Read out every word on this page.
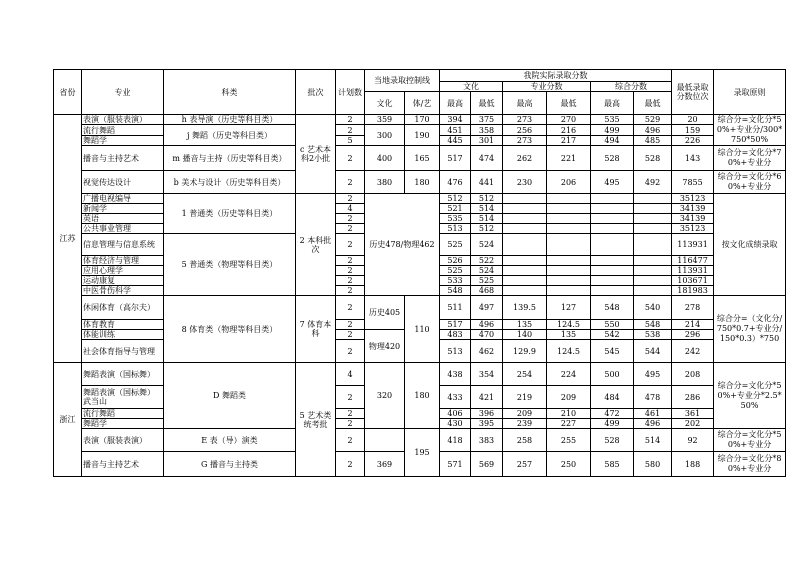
省份	专业	科类	批次	计划数	当地录取控制线		我院实际录取分数						最低录取分数位次	录取原则
							文化		专业分数		综合分数			
					文化	体/艺	最高	最低	最高	最低	最高	最低		
江苏	表演（服装表演）	h 表导演（历史等科目类）	c 艺术本科2小批	2	359	170	394	375	273	270	535	529	20	综合分=文化分*50%+专业分/300*750*50%
	流行舞蹈	j 舞蹈（历史等科目类）		2	300	190	451	358	256	216	499	496	159	
	舞蹈学			5			445	301	273	217	494	485	226	
	播音与主持艺术	m 播音与主持（历史等科目类）		2	400	165	517	474	262	221	528	528	143	综合分=文化分*70%+专业分
	视觉传达设计	b 美术与设计（历史等科目类）		2	380	180	476	441	230	206	495	492	7855	综合分=文化分*60%+专业分
	广播电视编导	1 普通类（历史等科目类）	2 本科批次	2	历史478/物理462		512	512					35123	按文化成绩录取
	新闻学			4			521	514					34139	
	英语			2			535	514					34139	
	公共事业管理			2			513	512					35123	
	信息管理与信息系统	5 普通类（物理等科目类）		2			525	524					113931	
	体育经济与管理			2			526	522					116477	
	应用心理学			2			525	524					113931	
	运动康复			2			533	525					103671	
	中医骨伤科学			2			548	468					181983	
	休闲体育（高尔夫）	8 体育类（物理等科目类）	7 体育本科	2	历史405	110	511	497	139.5	127	548	540	278	综合分=（文化分/750*0.7+专业分/150*0.3）*750
	体育教育			2			517	496	135	124.5	550	548	214	
	体能训练			2	物理420		483	470	140	135	542	538	296	
	社会体育指导与管理			2			513	462	129.9	124.5	545	544	242	
浙江	舞蹈表演（国标舞）	D 舞蹈类	5 艺术类统考批	4	320	180	438	354	254	224	500	495	208	综合分=文化分*50%+专业分*2.5*50%
	舞蹈表演（国标舞）武当山			2			433	421	219	209	484	478	286	
	流行舞蹈			2			406	396	209	210	472	461	361	
	舞蹈学			2			430	395	239	227	499	496	202	
	表演（服装表演）	E 表（导）演类		2		195	418	383	258	255	528	514	92	综合分=文化分*50%+专业分
	播音与主持艺术	G 播音与主持类		2	369		571	569	257	250	585	580	188	综合分=文化分*80%+专业分
